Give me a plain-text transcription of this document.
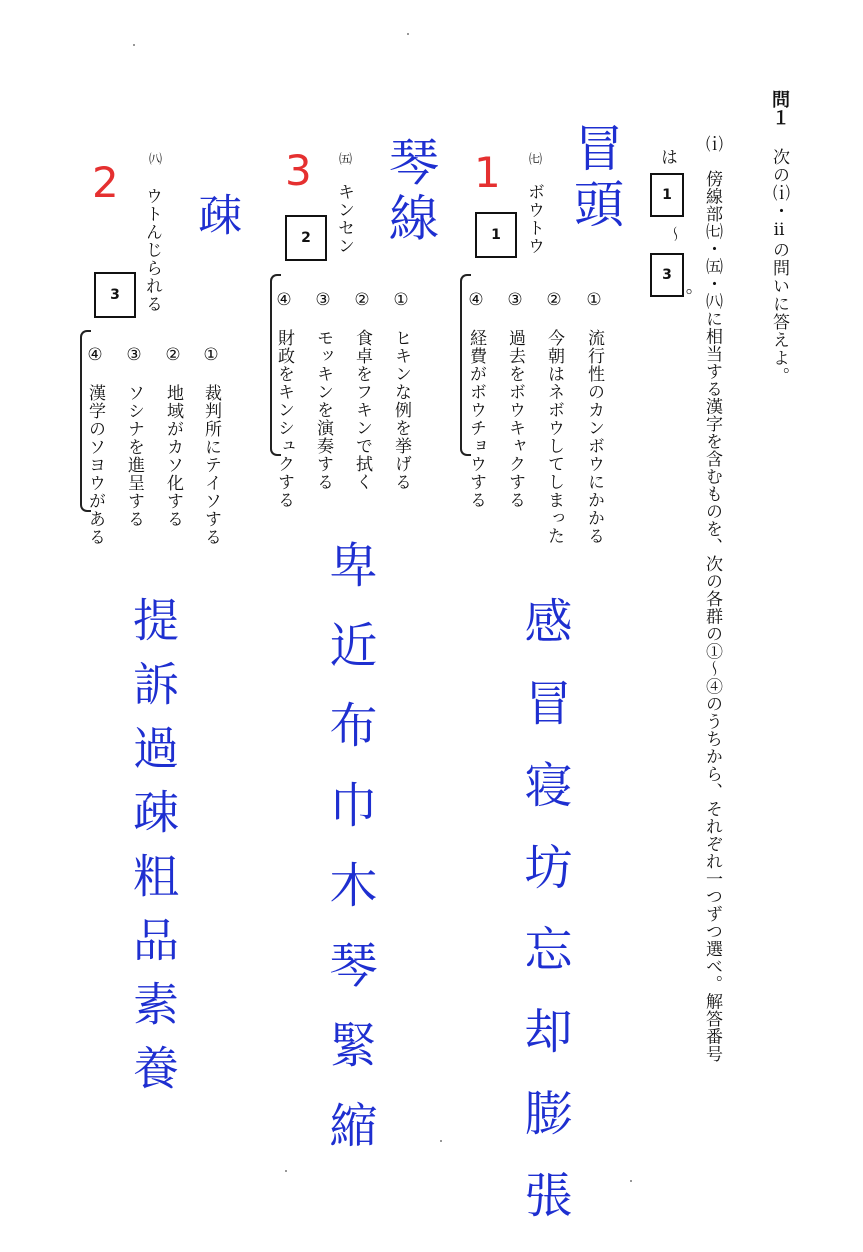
問１
次の⒤・ⅱの問いに答えよ。
⒤　傍線部㈦・㈤・㈧に相当する漢字を含むものを、次の各群の①～④のうちから、それぞれ一つずつ選べ。解答番号
は
1
～
3
。
㈦
ボウトウ
1
①　流行性のカンボウにかかる
②　今朝はネボウしてしまった
③　過去をボウキャクする
④　経費がボウチョウする
㈤
キンセン
2
①　ヒキンな例を挙げる
②　食卓をフキンで拭く
③　モッキンを演奏する
④　財政をキンシュクする
㈧
ウトんじられる
3
①　裁判所にテイソする
②　地域がカソ化する
③　ソシナを進呈する
④　漢学のソヨウがある
冒頭
琴線
疎
1
3
2
感冒寝坊忘却膨張
卑近布巾木琴緊縮
提訴過疎粗品素養
